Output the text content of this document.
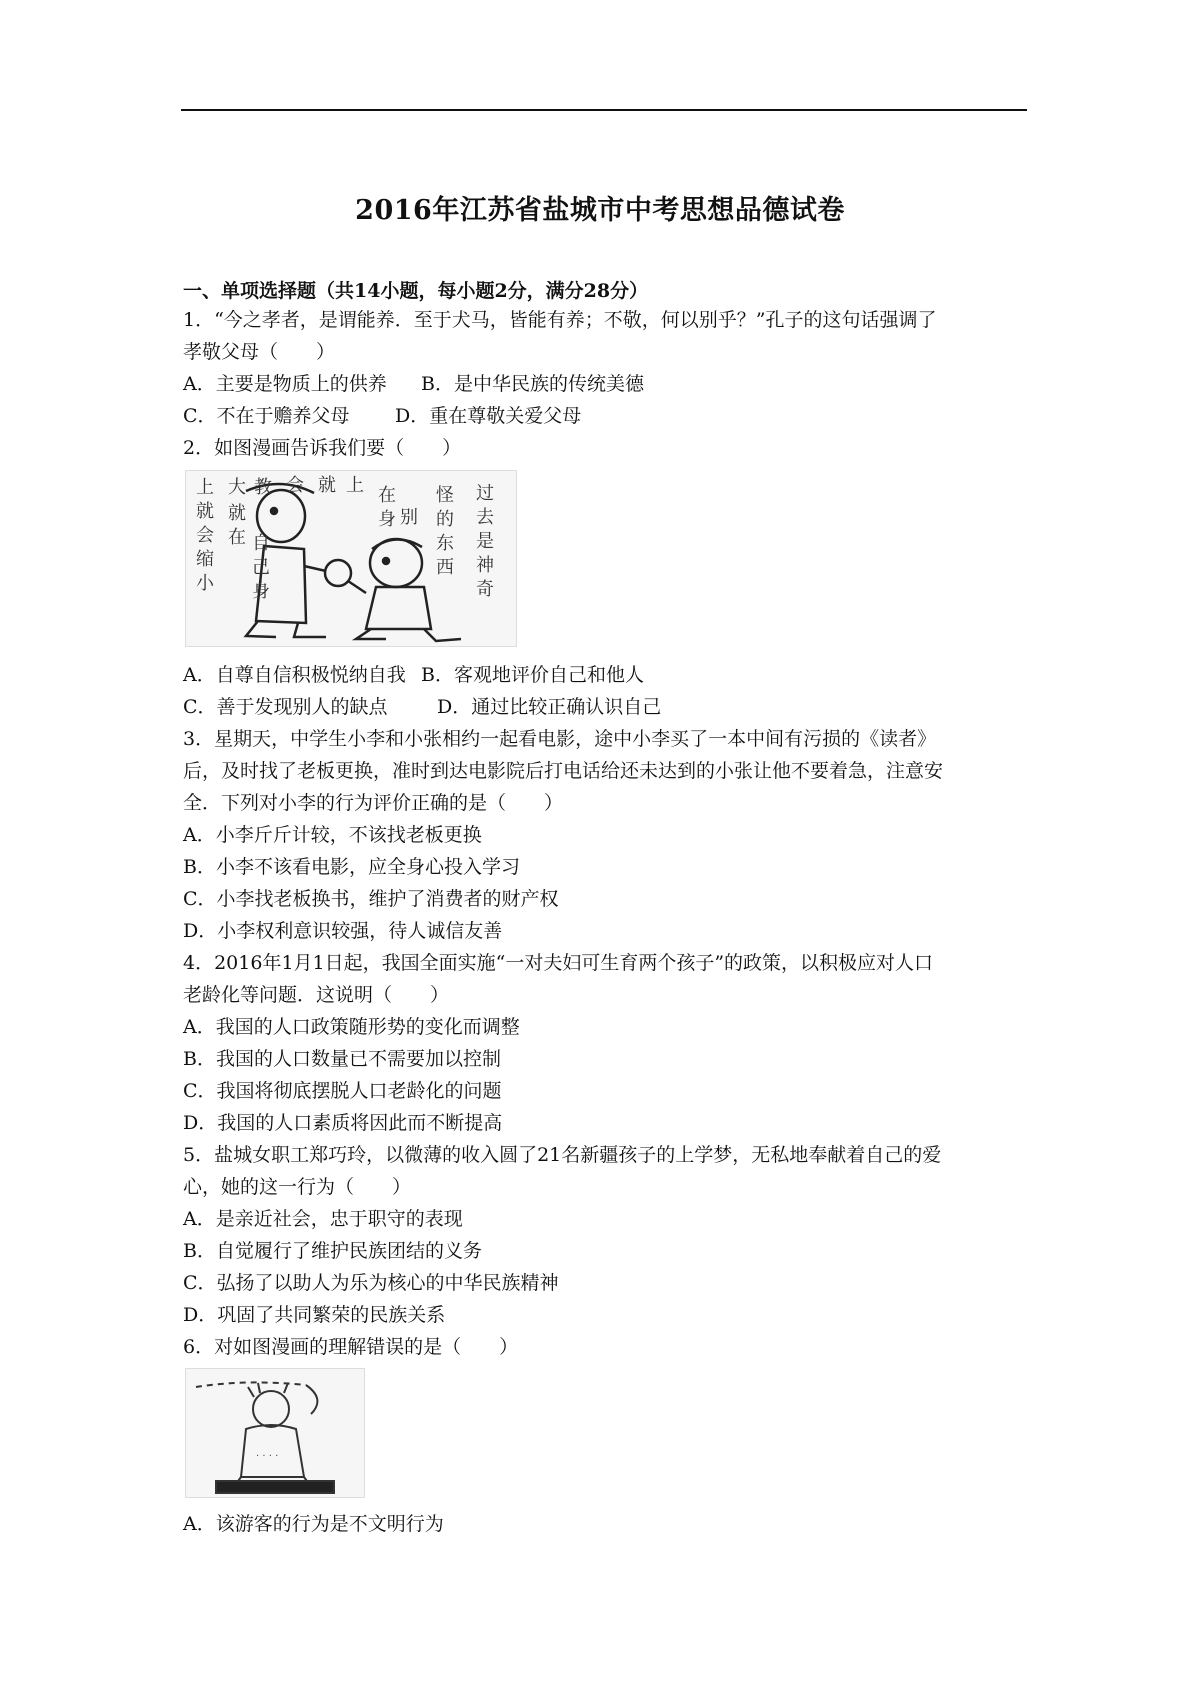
2016年江苏省盐城市中考思想品德试卷
一、单项选择题（共14小题，每小题2分，满分28分）
1．“今之孝者，是谓能养．至于犬马，皆能有养；不敬，何以别乎？”孔子的这句话强调了
孝敬父母（　　）
A．主要是物质上的供养 B．是中华民族的传统美德
C．不在于赡养父母 D．重在尊敬关爱父母
2．如图漫画告诉我们要（　　）
上
就
会
缩
小
大
就
在
教 会 就 上
自
己
身
在
身 别
怪
的
东
西
过
去
是
神
奇
A．自尊自信积极悦纳自我 B．客观地评价自己和他人
C．善于发现别人的缺点	D．通过比较正确认识自己
3．星期天，中学生小李和小张相约一起看电影，途中小李买了一本中间有污损的《读者》
后，及时找了老板更换，准时到达电影院后打电话给还未达到的小张让他不要着急，注意安
全．下列对小李的行为评价正确的是（　　）
A．小李斤斤计较，不该找老板更换
B．小李不该看电影，应全身心投入学习
C．小李找老板换书，维护了消费者的财产权
D．小李权利意识较强，待人诚信友善
4．2016年1月1日起，我国全面实施“一对夫妇可生育两个孩子”的政策，以积极应对人口
老龄化等问题．这说明（　　）
A．我国的人口政策随形势的变化而调整
B．我国的人口数量已不需要加以控制
C．我国将彻底摆脱人口老龄化的问题
D．我国的人口素质将因此而不断提高
5．盐城女职工郑巧玲，以微薄的收入圆了21名新疆孩子的上学梦，无私地奉献着自己的爱
心，她的这一行为（　　）
A．是亲近社会，忠于职守的表现
B．自觉履行了维护民族团结的义务
C．弘扬了以助人为乐为核心的中华民族精神
D．巩固了共同繁荣的民族关系
6．对如图漫画的理解错误的是（　　）
· · · ·
A．该游客的行为是不文明行为
